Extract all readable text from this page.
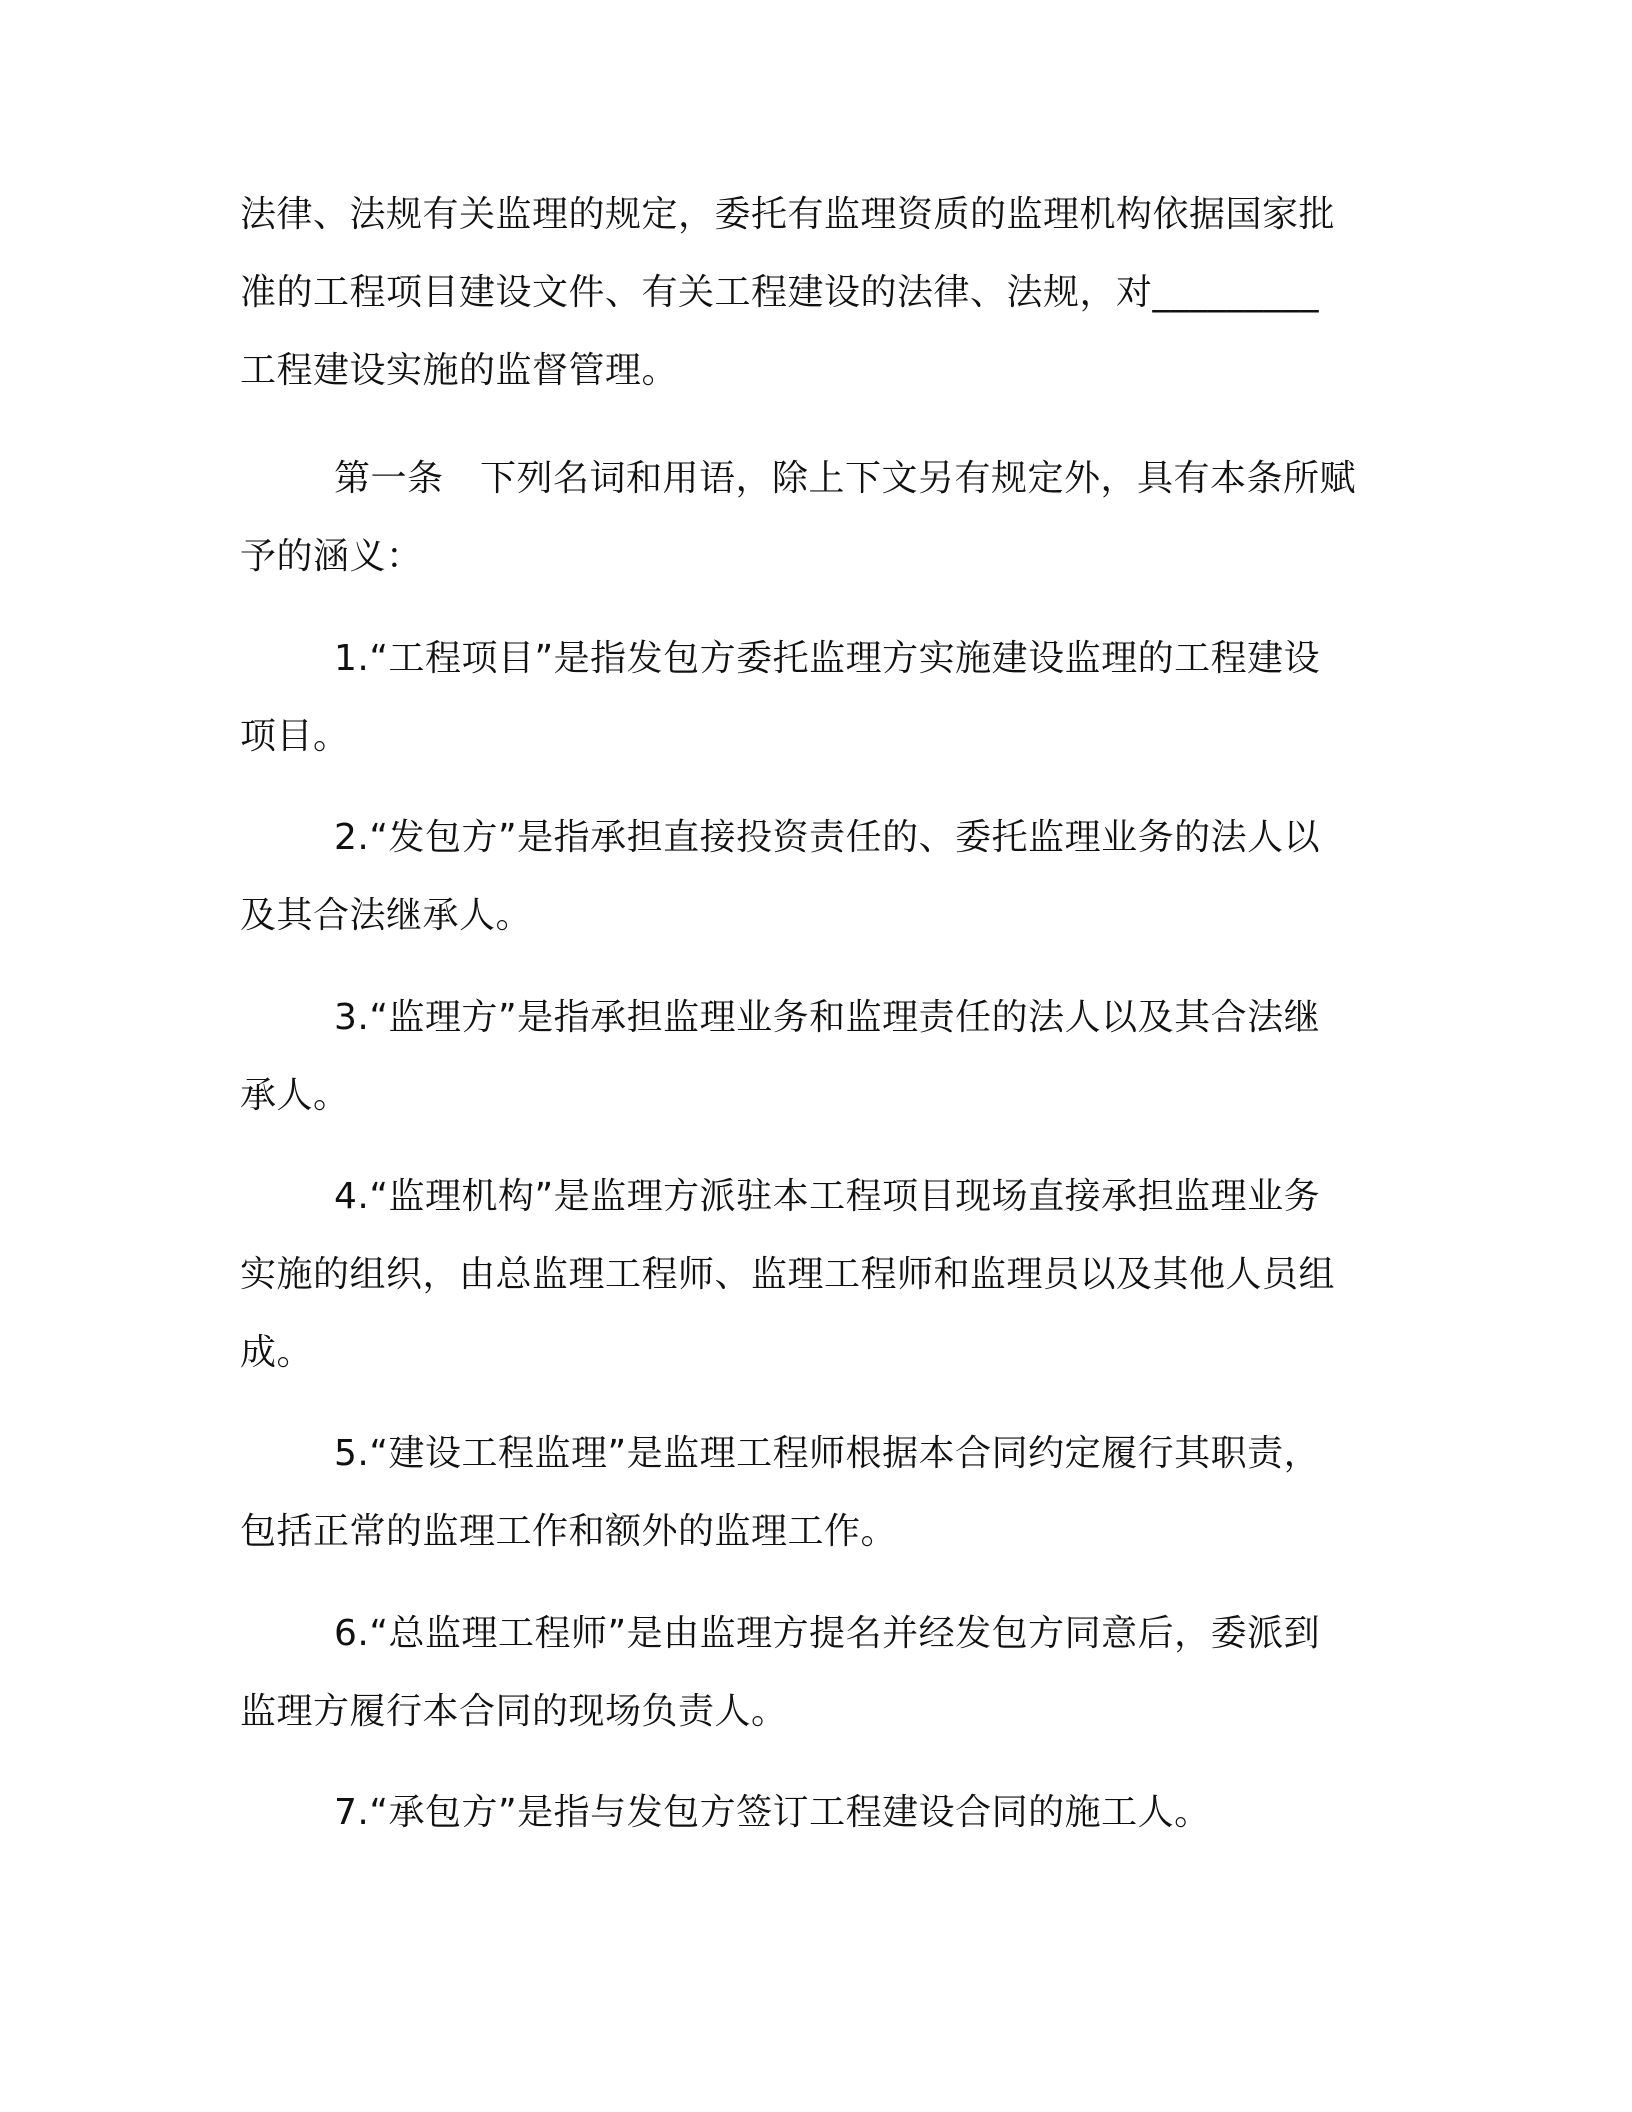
法律、法规有关监理的规定，委托有监理资质的监理机构依据国家批
准的工程项目建设文件、有关工程建设的法律、法规，对_________
工程建设实施的监督管理。
第一条　下列名词和用语，除上下文另有规定外，具有本条所赋
予的涵义：
1.“工程项目”是指发包方委托监理方实施建设监理的工程建设
项目。
2.“发包方”是指承担直接投资责任的、委托监理业务的法人以
及其合法继承人。
3.“监理方”是指承担监理业务和监理责任的法人以及其合法继
承人。
4.“监理机构”是监理方派驻本工程项目现场直接承担监理业务
实施的组织，由总监理工程师、监理工程师和监理员以及其他人员组
成。
5.“建设工程监理”是监理工程师根据本合同约定履行其职责，
包括正常的监理工作和额外的监理工作。
6.“总监理工程师”是由监理方提名并经发包方同意后，委派到
监理方履行本合同的现场负责人。
7.“承包方”是指与发包方签订工程建设合同的施工人。
